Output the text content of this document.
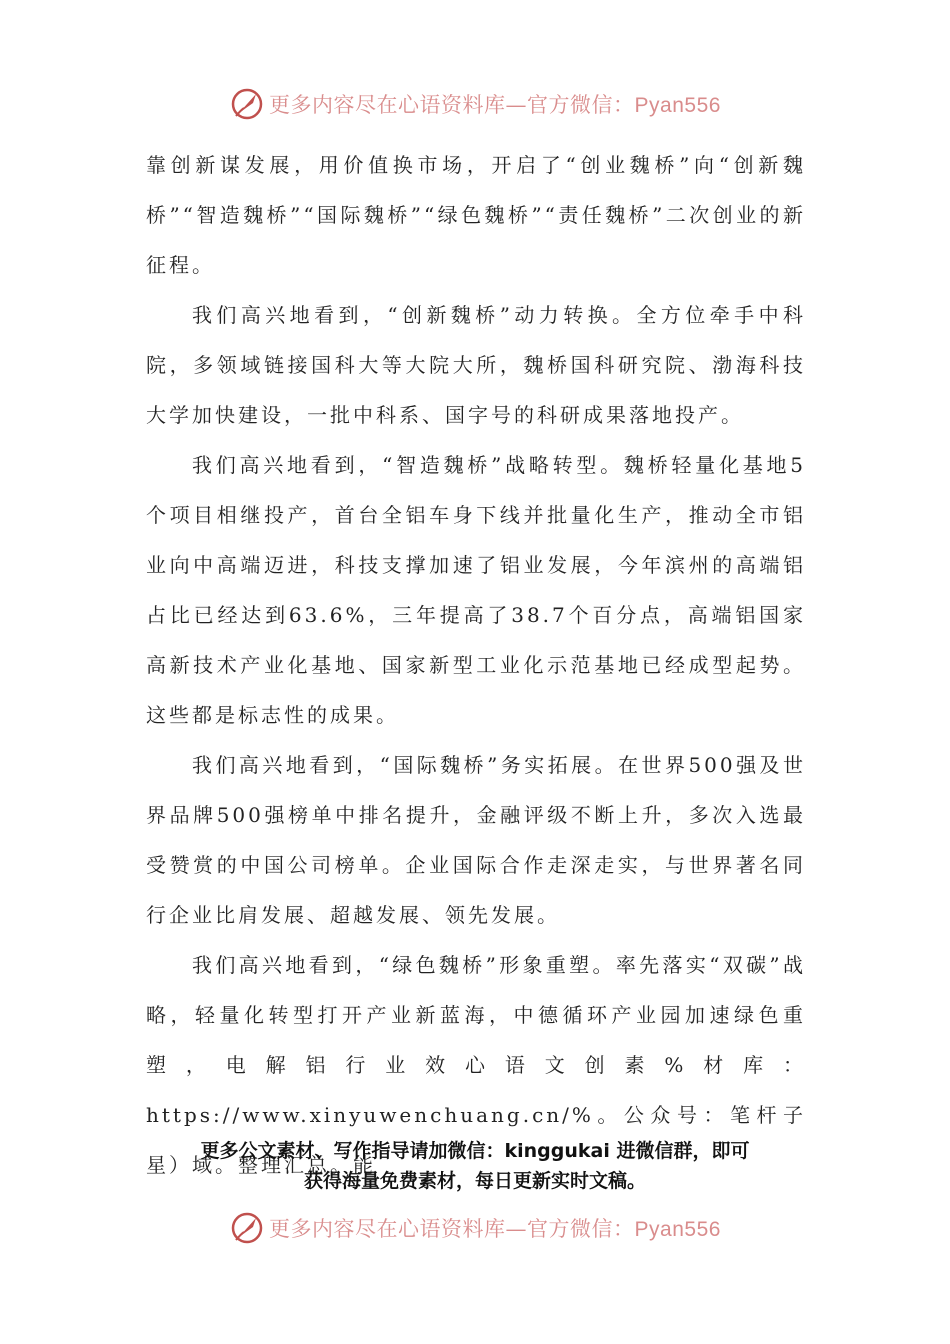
更多内容尽在心语资料库—官方微信：Pyan556

靠创新谋发展，用价值换市场，开启了“创业魏桥”向“创新魏桥”“智造魏桥”“国际魏桥”“绿色魏桥”“责任魏桥”二次创业的新征程。

我们高兴地看到，“创新魏桥”动力转换。全方位牵手中科院，多领域链接国科大等大院大所，魏桥国科研究院、渤海科技大学加快建设，一批中科系、国字号的科研成果落地投产。

我们高兴地看到，“智造魏桥”战略转型。魏桥轻量化基地5个项目相继投产，首台全铝车身下线并批量化生产，推动全市铝业向中高端迈进，科技支撑加速了铝业发展，今年滨州的高端铝占比已经达到63.6%，三年提高了38.7个百分点，高端铝国家高新技术产业化基地、国家新型工业化示范基地已经成型起势。这些都是标志性的成果。

我们高兴地看到，“国际魏桥”务实拓展。在世界500强及世界品牌500强榜单中排名提升，金融评级不断上升，多次入选最受赞赏的中国公司榜单。企业国际合作走深走实，与世界著名同行企业比肩发展、超越发展、领先发展。

我们高兴地看到，“绿色魏桥”形象重塑。率先落实“双碳”战略，轻量化转型打开产业新蓝海，中德循环产业园加速绿色重塑，电解铝行业效心语文创素%材库：https://www.xinyuwenchuang.cn/%。公众号：笔杆子星）域。整理汇总。能

更多公文素材、写作指导请加微信：kinggukai 进微信群，即可
获得海量免费素材，每日更新实时文稿。
更多内容尽在心语资料库—官方微信：Pyan556
